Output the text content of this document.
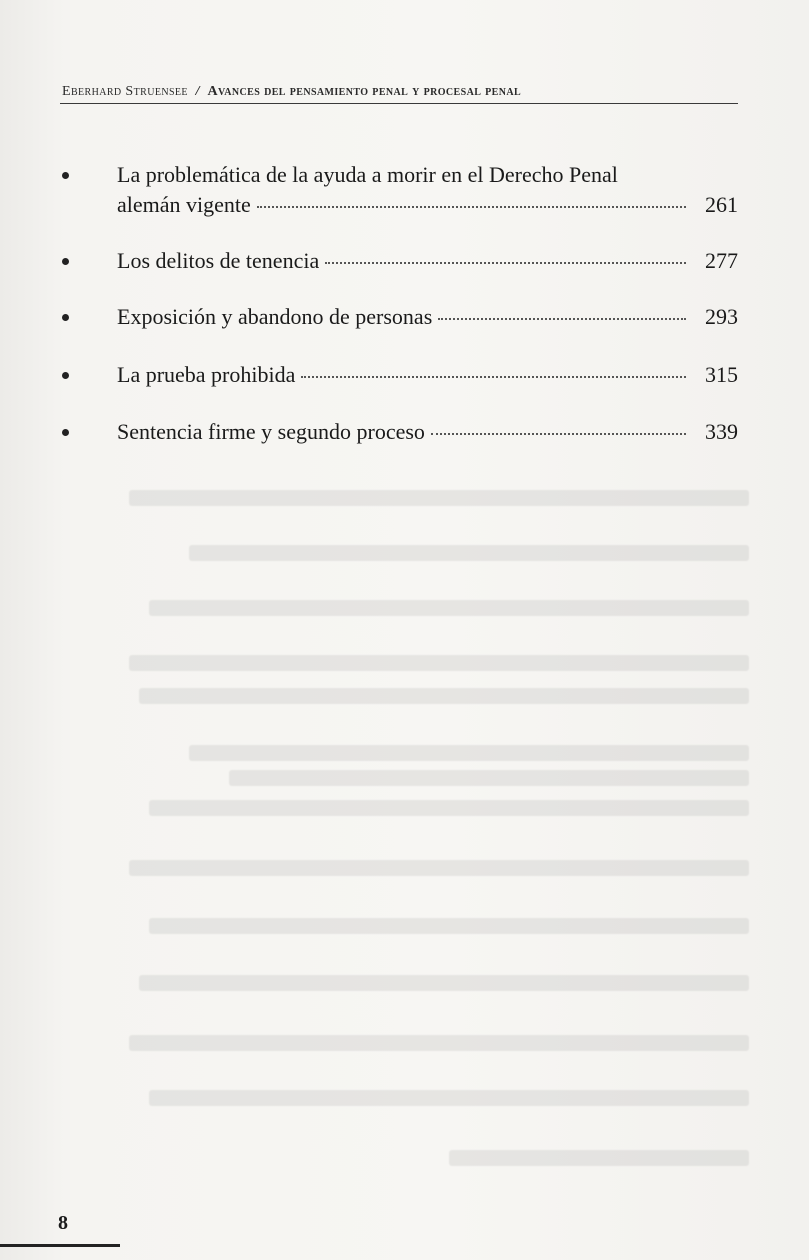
Eberhard Struensee / Avances del pensamiento penal y procesal penal
La problemática de la ayuda a morir en el Derecho Penal
alemán vigente	261
Los delitos de tenencia	277
Exposición y abandono de personas	293
La prueba prohibida	315
Sentencia firme y segundo proceso	339
8
